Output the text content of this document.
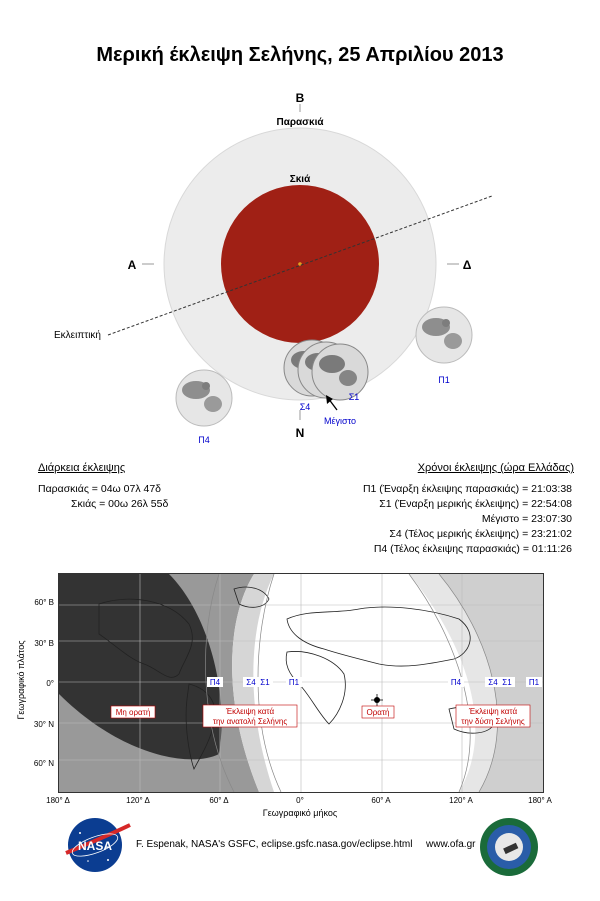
Μερική έκλειψη Σελήνης, 25 Απριλίου 2013
Β
Παρασκιά
Σκιά
Α	Δ
Εκλειπτική
Ν
Π1
Σ1
Μέγιστο
Σ4
Π4
Διάρκεια έκλειψης
Παρασκιάς = 04ω 07λ 47δ
Σκιάς = 00ω 26λ 55δ
Χρόνοι έκλειψης (ώρα Ελλάδας)
Π1 (Έναρξη έκλειψης παρασκιάς) = 21:03:38
Σ1 (Έναρξη μερικής έκλειψης) = 22:54:08
Μέγιστο = 23:07:30
Σ4 (Τέλος μερικής έκλειψης) = 23:21:02
Π4 (Τέλος έκλειψης παρασκιάς) = 01:11:26
Μη ορατή	Έκλειψη κατά
την ανατολή Σελήνης
Ορατή	Έκλειψη κατά
την δύση Σελήνης
Π4	Σ4 Σ1 Π1	Π4	Σ4 Σ1 Π1
60° Β
30° Β
0°
30° Ν
60° Ν
Γεωγραφικό πλάτος
180° Δ	120° Δ	60° Δ	0°	60° Α	120° Α	180° Α
Γεωγραφικό μήκος
NASA F. Espenak, NASA's GSFC, eclipse.gsfc.nasa.gov/eclipse.html www.ofa.gr
